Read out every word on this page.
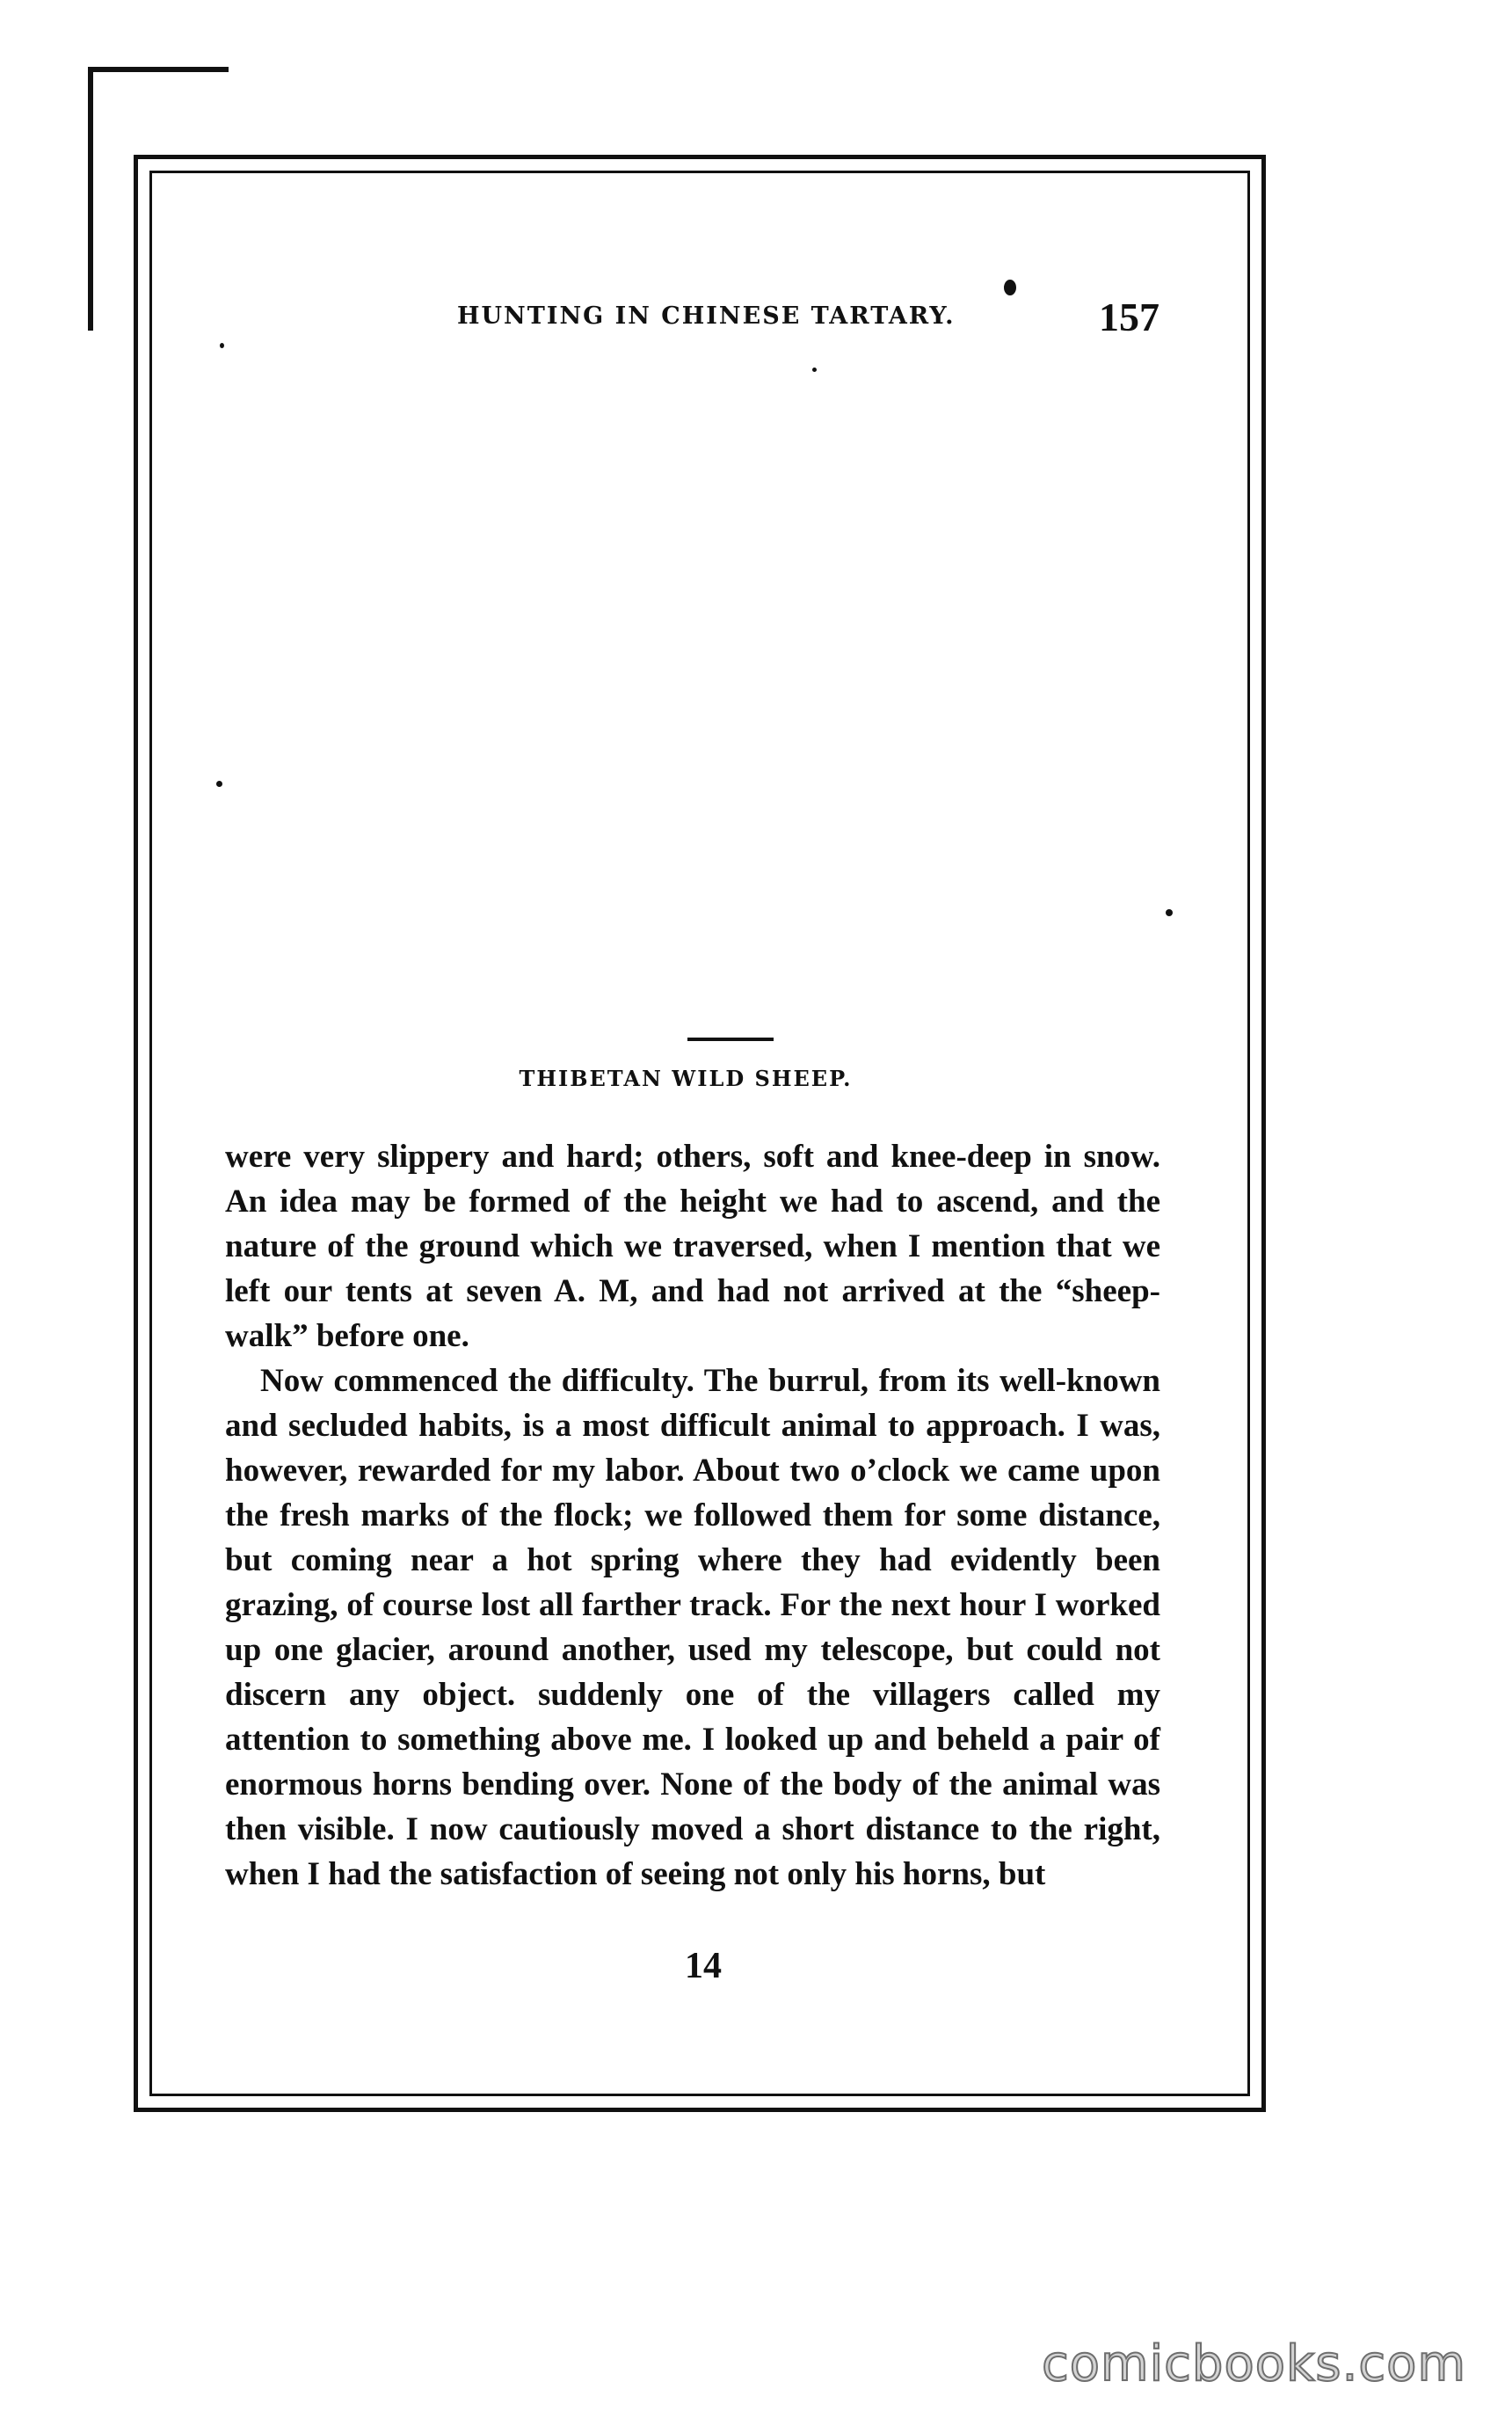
HUNTING IN CHINESE TARTARY.	157
THIBETAN WILD SHEEP.

were very slippery and hard; others, soft and knee-deep in snow. An idea may be formed of the height we had to ascend, and the nature of the ground which we traversed, when I mention that we left our tents at seven A. M, and had not arrived at the “sheep-walk” before one.

Now commenced the difficulty. The burrul, from its well-known and secluded habits, is a most difficult animal to approach. I was, however, rewarded for my labor. About two o’clock we came upon the fresh marks of the flock; we followed them for some distance, but coming near a hot spring where they had evidently been grazing, of course lost all farther track. For the next hour I worked up one glacier, around another, used my telescope, but could not discern any object. suddenly one of the villagers called my attention to something above me. I looked up and beheld a pair of enormous horns bending over. None of the body of the animal was then visible. I now cautiously moved a short distance to the right, when I had the satisfaction of seeing not only his horns, but

14
comicbooks.com
